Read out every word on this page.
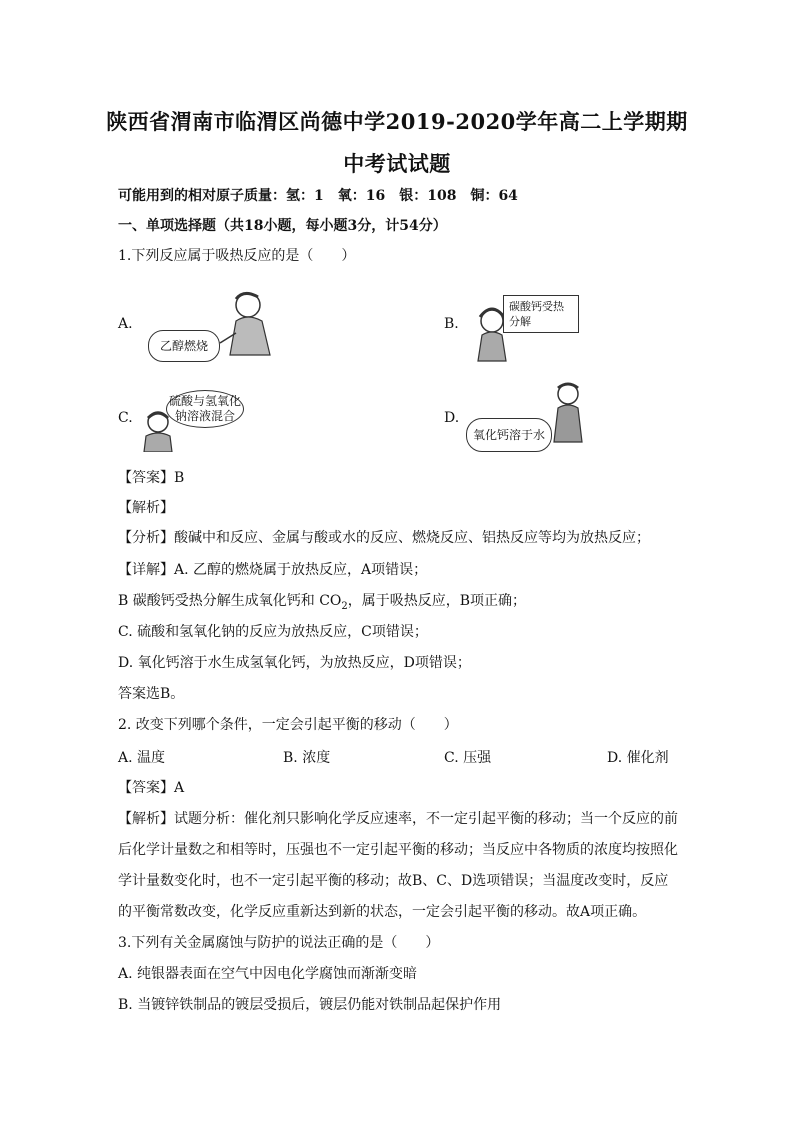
陕西省渭南市临渭区尚德中学2019-2020学年高二上学期期
中考试试题
可能用到的相对原子质量：氢：1　氧：16　银：108　铜：64
一、单项选择题（共18小题，每小题3分，计54分）
1.下列反应属于吸热反应的是（　　）
A.
乙醇燃烧
B.
碳酸钙受热分解
C.
硫酸与氢氧化钠溶液混合	D.
氧化钙溶于水
【答案】B
【解析】
【分析】酸碱中和反应、金属与酸或水的反应、燃烧反应、铝热反应等均为放热反应；
【详解】A. 乙醇的燃烧属于放热反应，A项错误；
B 碳酸钙受热分解生成氧化钙和 $CO_2$，属于吸热反应，B项正确；
C. 硫酸和氢氧化钠的反应为放热反应，C项错误；
D. 氧化钙溶于水生成氢氧化钙，为放热反应，D项错误；
答案选B。
2. 改变下列哪个条件，一定会引起平衡的移动（　　）
A. 温度	B. 浓度	C. 压强	D. 催化剂
【答案】A
【解析】试题分析：催化剂只影响化学反应速率，不一定引起平衡的移动；当一个反应的前
后化学计量数之和相等时，压强也不一定引起平衡的移动；当反应中各物质的浓度均按照化
学计量数变化时，也不一定引起平衡的移动；故B、C、D选项错误；当温度改变时，反应
的平衡常数改变，化学反应重新达到新的状态，一定会引起平衡的移动。故A项正确。
3.下列有关金属腐蚀与防护的说法正确的是（　　）
A. 纯银器表面在空气中因电化学腐蚀而渐渐变暗
B. 当镀锌铁制品的镀层受损后，镀层仍能对铁制品起保护作用
